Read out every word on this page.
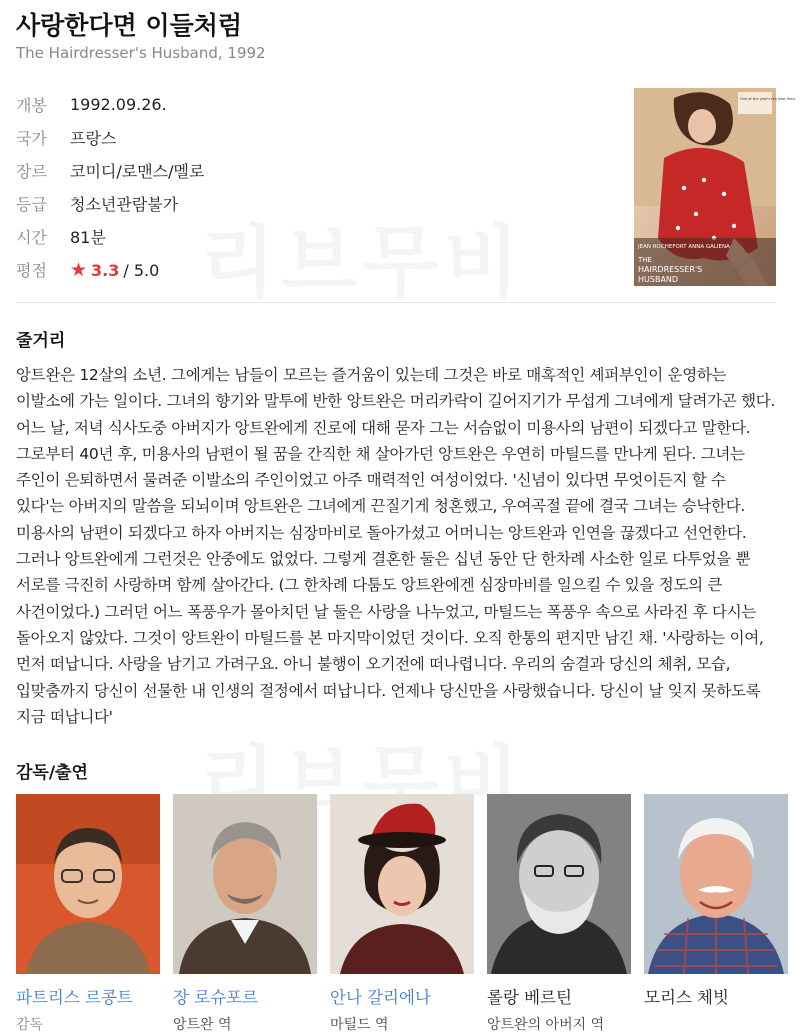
사랑한다면 이들처럼
The Hairdresser's Husband, 1992
개봉	1992.09.26.
국가	프랑스
장르	코미디/로맨스/멜로
등급	청소년관람불가
시간	81분
평점	★ 3.3 / 5.0
JEAN ROCHEFORT ANNA GALIENA
THE
HAIRDRESSER'S
HUSBAND
One of the year's ten best films.
줄거리
앙트완은 12살의 소년. 그에게는 남들이 모르는 즐거움이 있는데 그것은 바로 매혹적인 셰퍼부인이 운영하는 이발소에 가는 일이다. 그녀의 향기와 말투에 반한 앙트완은 머리카락이 길어지기가 무섭게 그녀에게 달려가곤 했다. 어느 날, 저녁 식사도중 아버지가 앙트완에게 진로에 대해 묻자 그는 서슴없이 미용사의 남편이 되겠다고 말한다. 그로부터 40년 후, 미용사의 남편이 될 꿈을 간직한 채 살아가던 앙트완은 우연히 마틸드를 만나게 된다. 그녀는 주인이 은퇴하면서 물려준 이발소의 주인이었고 아주 매력적인 여성이었다. '신념이 있다면 무엇이든지 할 수 있다'는 아버지의 말씀을 되뇌이며 앙트완은 그녀에게 끈질기게 청혼했고, 우여곡절 끝에 결국 그녀는 승낙한다. 미용사의 남편이 되겠다고 하자 아버지는 심장마비로 돌아가셨고 어머니는 앙트완과 인연을 끊겠다고 선언한다. 그러나 앙트완에게 그런것은 안중에도 없었다. 그렇게 결혼한 둘은 십년 동안 단 한차례 사소한 일로 다투었을 뿐 서로를 극진히 사랑하며 함께 살아간다. (그 한차례 다툼도 앙트완에겐 심장마비를 일으킬 수 있을 정도의 큰 사건이었다.) 그러던 어느 폭풍우가 몰아치던 날 둘은 사랑을 나누었고, 마틸드는 폭풍우 속으로 사라진 후 다시는 돌아오지 않았다. 그것이 앙트완이 마틸드를 본 마지막이었던 것이다. 오직 한통의 편지만 남긴 채. '사랑하는 이여, 먼저 떠납니다. 사랑을 남기고 가려구요. 아니 불행이 오기전에 떠나렵니다. 우리의 숨결과 당신의 체취, 모습, 입맞춤까지 당신이 선물한 내 인생의 절정에서 떠납니다. 언제나 당신만을 사랑했습니다. 당신이 날 잊지 못하도록 지금 떠납니다'
감독/출연
파트리스 르콩트
감독
장 로슈포르
앙트완 역
안나 갈리에나
마틸드 역
롤랑 베르틴
앙트완의 아버지 역
모리스 체빗
